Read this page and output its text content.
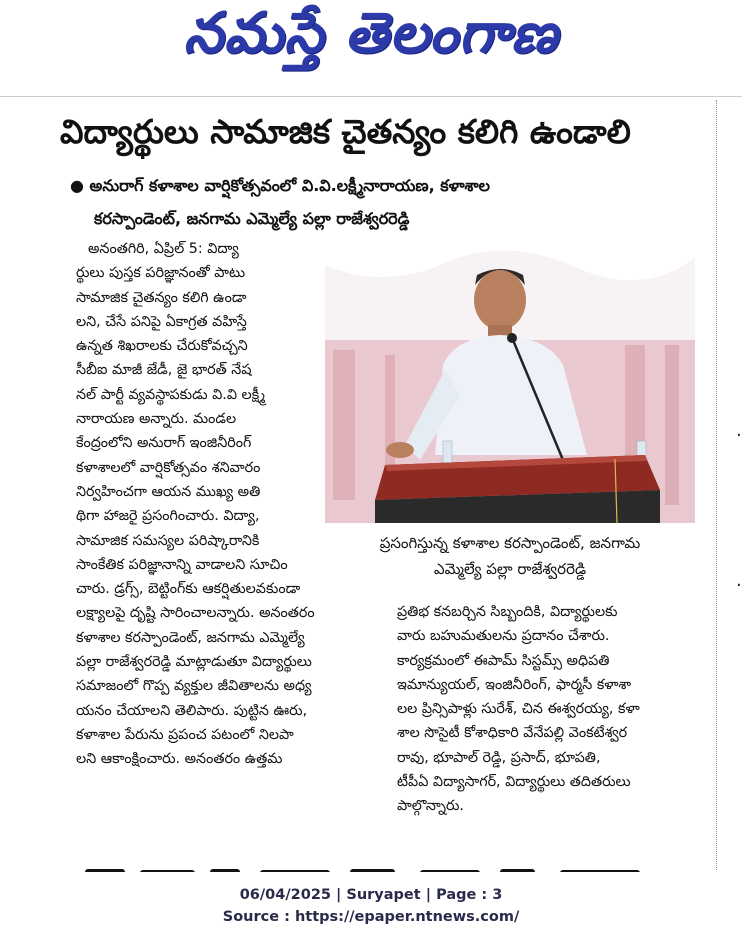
నమస్తే తెలంగాణ
·
·
విద్యార్థులు సామాజిక చైతన్యం కలిగి ఉండాలి
● అనురాగ్ కళాశాల వార్షికోత్సవంలో వి.వి.లక్ష్మీనారాయణ, కళాశాల
కరస్పాండెంట్, జనగామ ఎమ్మెల్యే పల్లా రాజేశ్వరరెడ్డి
ప్రసంగిస్తున్న కళాశాల కరస్పాండెంట్, జనగామ
ఎమ్మెల్యే పల్లా రాజేశ్వరరెడ్డి

అనంతగిరి, ఏప్రిల్ 5: విద్యా

ర్థులు పుస్తక పరిజ్ఞానంతో పాటు

సామాజిక చైతన్యం కలిగి ఉండా

లని, చేసే పనిపై ఏకాగ్రత వహిస్తే

ఉన్నత శిఖరాలకు చేరుకోవచ్చని

సీబీఐ మాజీ జేడీ, జై భారత్ నేష

నల్ పార్టీ వ్యవస్థాపకుడు వి.వి లక్ష్మీ

నారాయణ అన్నారు. మండల

కేంద్రంలోని అనురాగ్ ఇంజినీరింగ్

కళాశాలలో వార్షికోత్సవం శనివారం

నిర్వహించగా ఆయన ముఖ్య అతి

థిగా హాజరై ప్రసంగించారు. విద్యా,

సామాజిక సమస్యల పరిష్కారానికి

సాంకేతిక పరిజ్ఞానాన్ని వాడాలని సూచిం

చారు. డ్రగ్స్, బెట్టింగ్‌కు ఆకర్షితులవకుండా

లక్ష్యాలపై దృష్టి సారించాలన్నారు. అనంతరం

కళాశాల కరస్పాండెంట్, జనగామ ఎమ్మెల్యే

పల్లా రాజేశ్వరరెడ్డి మాట్లాడుతూ విద్యార్థులు

సమాజంలో గొప్ప వ్యక్తుల జీవితాలను అధ్య

యనం చేయాలని తెలిపారు. పుట్టిన ఊరు,

కళాశాల పేరును ప్రపంచ పటంలో నిలపా

లని ఆకాంక్షించారు. అనంతరం ఉత్తమ

ప్రతిభ కనబర్చిన సిబ్బందికి, విద్యార్థులకు

వారు బహుమతులను ప్రదానం చేశారు.

కార్యక్రమంలో ఈపామ్ సిస్టమ్స్ అధిపతి

ఇమాన్యుయల్, ఇంజినీరింగ్, ఫార్మసీ కళాశా

లల ప్రిన్సిపాళ్లు సురేశ్, చిన ఈశ్వరయ్య, కళా

శాల సొసైటీ కోశాధికారి వేనేపల్లి వెంకటేశ్వర

రావు, భూపాల్ రెడ్డి, ప్రసాద్, భూపతి,

టీపీఏ విద్యాసాగర్, విద్యార్థులు తదితరులు

పాల్గొన్నారు.

06/04/2025 | Suryapet | Page : 3
Source : https://epaper.ntnews.com/
